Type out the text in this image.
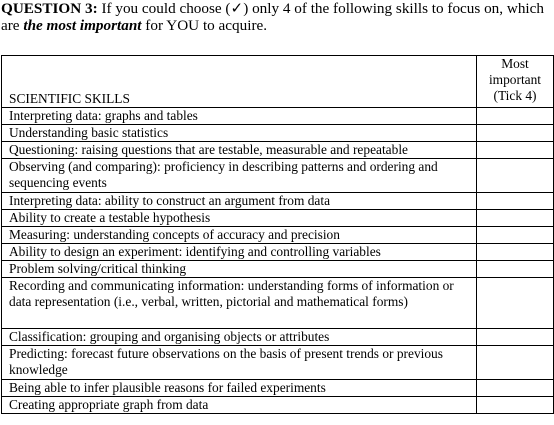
QUESTION 3: If you could choose (✓) only 4 of the following skills to focus on, which are the most important for YOU to acquire.
SCIENTIFIC SKILLS	Most
important
(Tick 4)

Interpreting data: graphs and tables	
Understanding basic statistics	
Questioning: raising questions that are testable, measurable and repeatable	
Observing (and comparing): proficiency in describing patterns and ordering and sequencing events	
Interpreting data: ability to construct an argument from data	
Ability to create a testable hypothesis	
Measuring: understanding concepts of accuracy and precision	
Ability to design an experiment: identifying and controlling variables	
Problem solving/critical thinking	
Recording and communicating information: understanding forms of information or data representation (i.e., verbal, written, pictorial and mathematical forms)	
Classification: grouping and organising objects or attributes	
Predicting: forecast future observations on the basis of present trends or previous knowledge	
Being able to infer plausible reasons for failed experiments	
Creating appropriate graph from data	
